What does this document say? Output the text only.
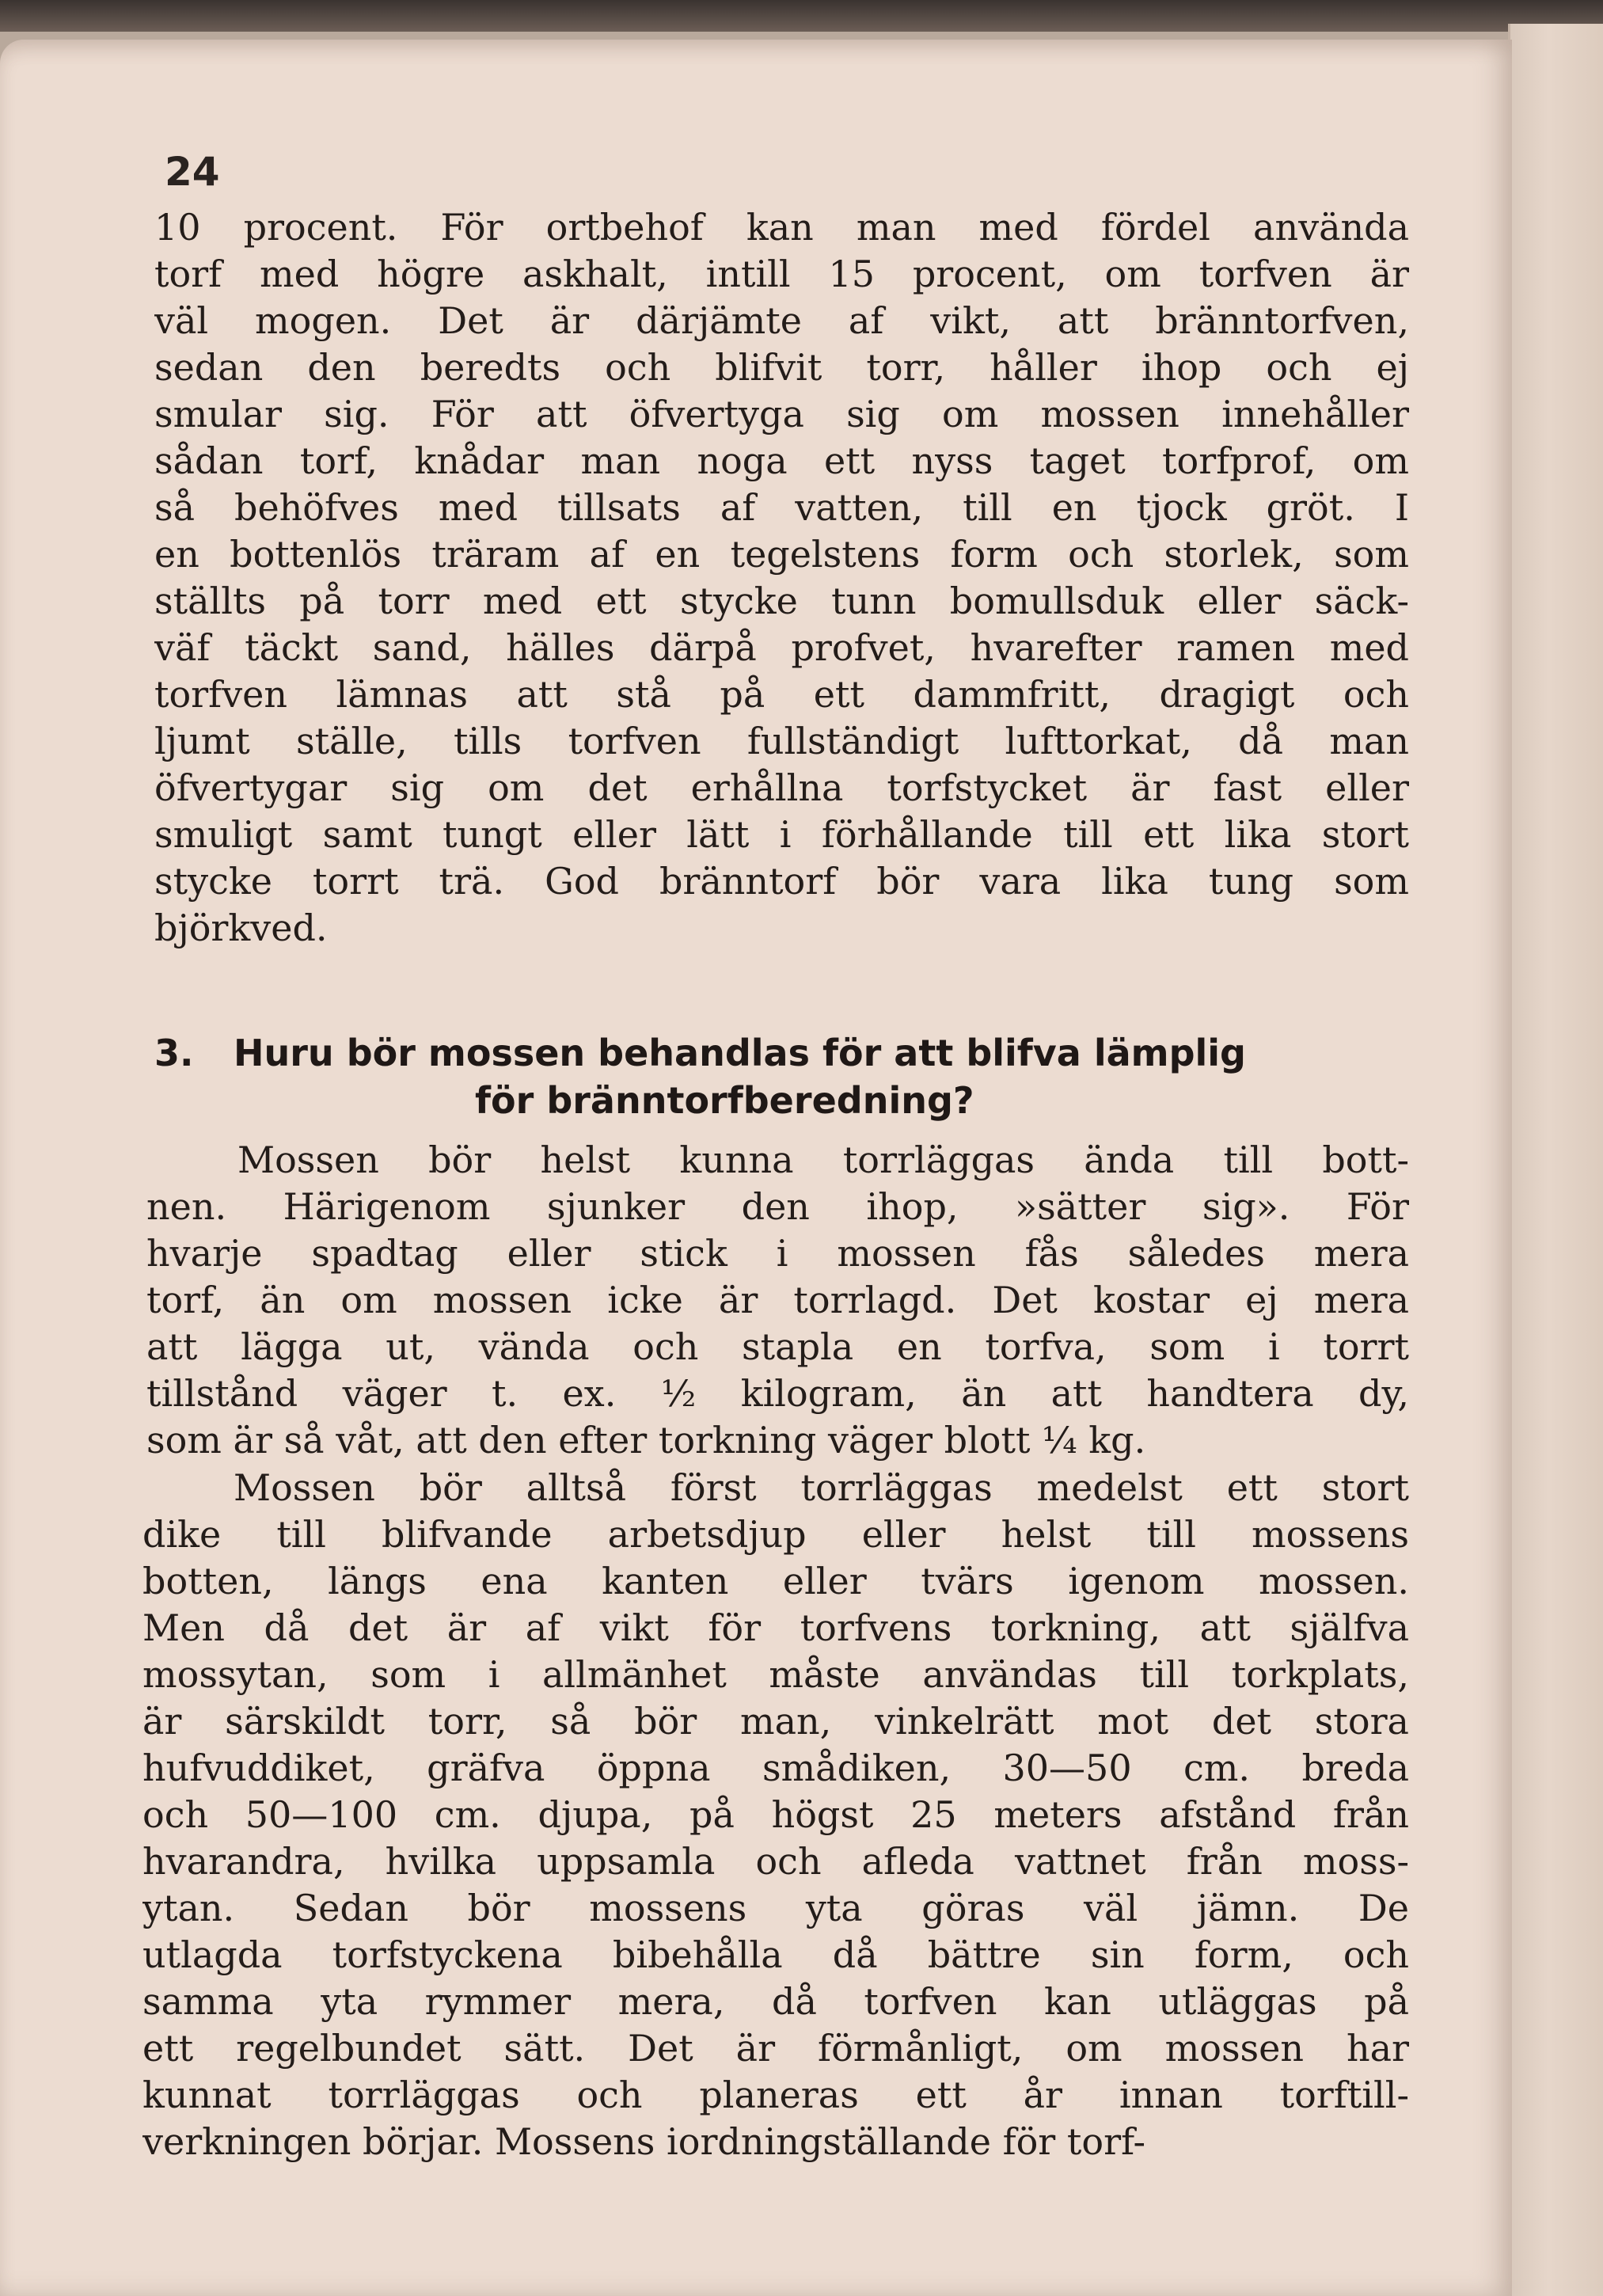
24
10 procent. För ortbehof kan man med fördel använda
torf med högre askhalt, intill 15 procent, om torfven är
väl mogen. Det är därjämte af vikt, att bränntorfven,
sedan den beredts och blifvit torr, håller ihop och ej
smular sig. För att öfvertyga sig om mossen innehåller
sådan torf, knådar man noga ett nyss taget torfprof, om
så behöfves med tillsats af vatten, till en tjock gröt. I
en bottenlös träram af en tegelstens form och storlek, som
ställts på torr med ett stycke tunn bomullsduk eller säck-
väf täckt sand, hälles därpå profvet, hvarefter ramen med
torfven lämnas att stå på ett dammfritt, dragigt och
ljumt ställe, tills torfven fullständigt lufttorkat, då man
öfvertygar sig om det erhållna torfstycket är fast eller
smuligt samt tungt eller lätt i förhållande till ett lika stort
stycke torrt trä. God bränntorf bör vara lika tung som
björkved.
3. Huru bör mossen behandlas för att blifva lämplig
för bränntorfberedning?
Mossen bör helst kunna torrläggas ända till bott-
nen. Härigenom sjunker den ihop, »sätter sig». För
hvarje spadtag eller stick i mossen fås således mera
torf, än om mossen icke är torrlagd. Det kostar ej mera
att lägga ut, vända och stapla en torfva, som i torrt
tillstånd väger t. ex. ½ kilogram, än att handtera dy,
som är så våt, att den efter torkning väger blott ¼ kg.
Mossen bör alltså först torrläggas medelst ett stort
dike till blifvande arbetsdjup eller helst till mossens
botten, längs ena kanten eller tvärs igenom mossen.
Men då det är af vikt för torfvens torkning, att själfva
mossytan, som i allmänhet måste användas till torkplats,
är särskildt torr, så bör man, vinkelrätt mot det stora
hufvuddiket, gräfva öppna smådiken, 30—50 cm. breda
och 50—100 cm. djupa, på högst 25 meters afstånd från
hvarandra, hvilka uppsamla och afleda vattnet från moss-
ytan. Sedan bör mossens yta göras väl jämn. De
utlagda torfstyckena bibehålla då bättre sin form, och
samma yta rymmer mera, då torfven kan utläggas på
ett regelbundet sätt. Det är förmånligt, om mossen har
kunnat torrläggas och planeras ett år innan torftill-
verkningen börjar. Mossens iordningställande för torf-
